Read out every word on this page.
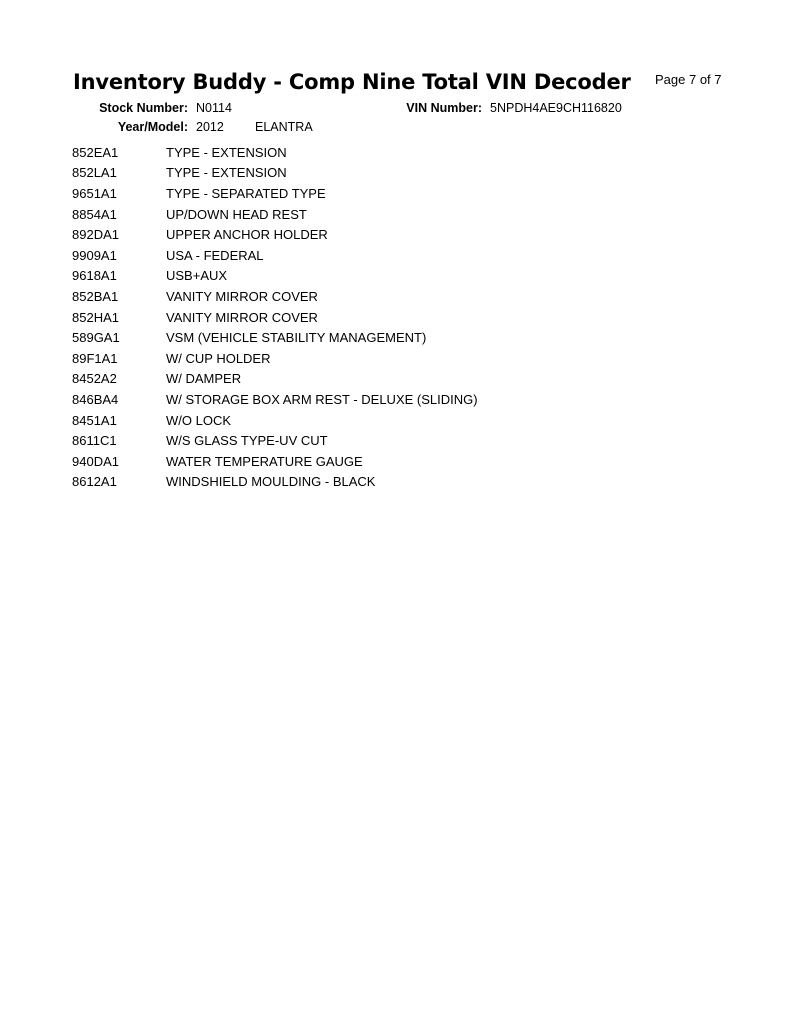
Inventory Buddy - Comp Nine Total VIN Decoder Page 7 of 7
Stock Number: N0114
Year/Model: 2012 ELANTRA
VIN Number: 5NPDH4AE9CH116820
852EA1	TYPE - EXTENSION
852LA1	TYPE - EXTENSION
9651A1	TYPE - SEPARATED TYPE
8854A1	UP/DOWN HEAD REST
892DA1	UPPER ANCHOR HOLDER
9909A1	USA - FEDERAL
9618A1	USB+AUX
852BA1	VANITY MIRROR COVER
852HA1	VANITY MIRROR COVER
589GA1	VSM (VEHICLE STABILITY MANAGEMENT)
89F1A1	W/ CUP HOLDER
8452A2	W/ DAMPER
846BA4	W/ STORAGE BOX ARM REST - DELUXE (SLIDING)
8451A1	W/O LOCK
8611C1	W/S GLASS TYPE-UV CUT
940DA1	WATER TEMPERATURE GAUGE
8612A1	WINDSHIELD MOULDING - BLACK
